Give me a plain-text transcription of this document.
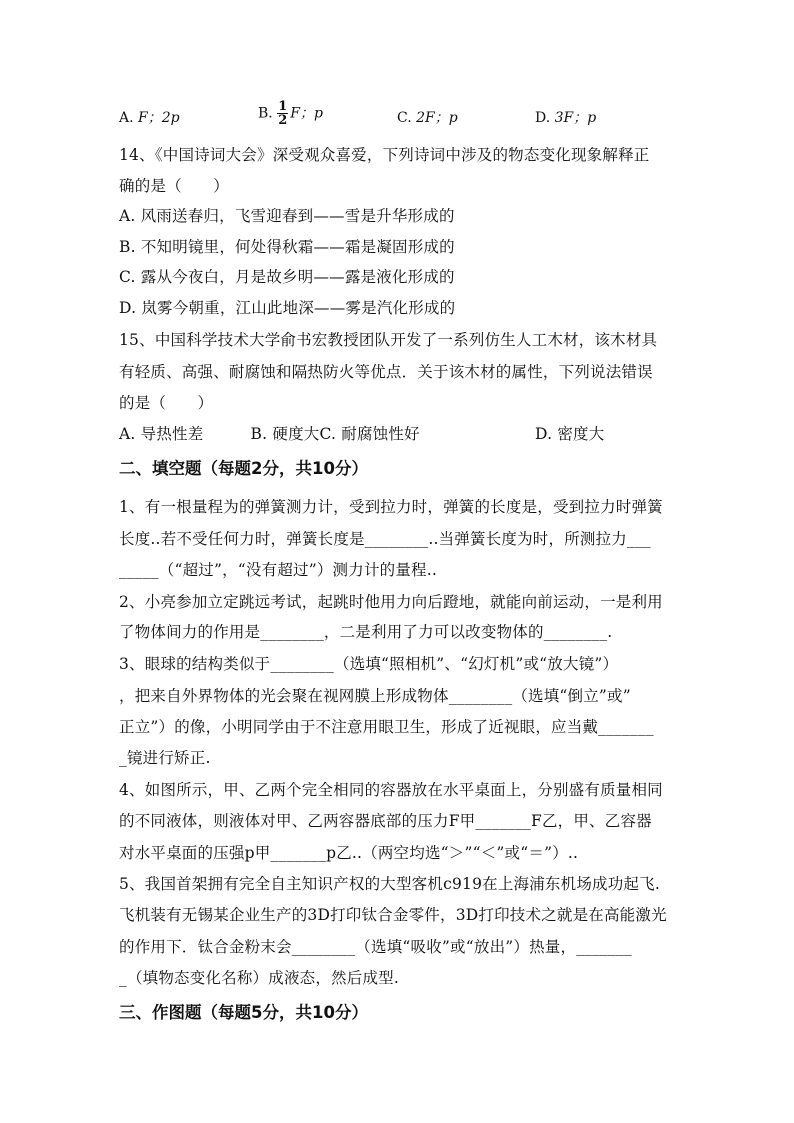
A. F；2p	B. $\frac{1}{2}$ F；p	C. 2F；p	D. 3F；p
14、《中国诗词大会》深受观众喜爱，下列诗词中涉及的物态变化现象解释正
确的是（　　）
A. 风雨送春归，飞雪迎春到——雪是升华形成的
B. 不知明镜里，何处得秋霜——霜是凝固形成的
C. 露从今夜白，月是故乡明——露是液化形成的
D. 岚雾今朝重，江山此地深——雾是汽化形成的
15、中国科学技术大学俞书宏教授团队开发了一系列仿生人工木材，该木材具
有轻质、高强、耐腐蚀和隔热防火等优点．关于该木材的属性，下列说法错误
的是（　　）
A. 导热性差　　　B. 硬度大C. 耐腐蚀性好	D. 密度大
二、填空题（每题2分，共10分）
1、有一根量程为的弹簧测力计，受到拉力时，弹簧的长度是，受到拉力时弹簧
长度..若不受任何力时，弹簧长度是________..当弹簧长度为时，所测拉力___
_____（“超过”，“没有超过”）测力计的量程..
2、小亮参加立定跳远考试，起跳时他用力向后蹬地，就能向前运动，一是利用
了物体间力的作用是________，二是利用了力可以改变物体的________.
3、眼球的结构类似于________（选填“照相机”、“幻灯机”或“放大镜”）
，把来自外界物体的光会聚在视网膜上形成物体________（选填“倒立”或”
正立”）的像，小明同学由于不注意用眼卫生，形成了近视眼，应当戴_______
_镜进行矫正.
4、如图所示，甲、乙两个完全相同的容器放在水平桌面上，分别盛有质量相同
的不同液体，则液体对甲、乙两容器底部的压力F甲_______F乙，甲、乙容器
对水平桌面的压强p甲_______p乙..（两空均选“＞”“＜”或“＝”）..
5、我国首架拥有完全自主知识产权的大型客机c919在上海浦东机场成功起飞.
飞机装有无锡某企业生产的3D打印钛合金零件，3D打印技术之就是在高能激光
的作用下．钛合金粉末会________（选填“吸收”或“放出”）热量，_______
_（填物态变化名称）成液态，然后成型.
三、作图题（每题5分，共10分）
